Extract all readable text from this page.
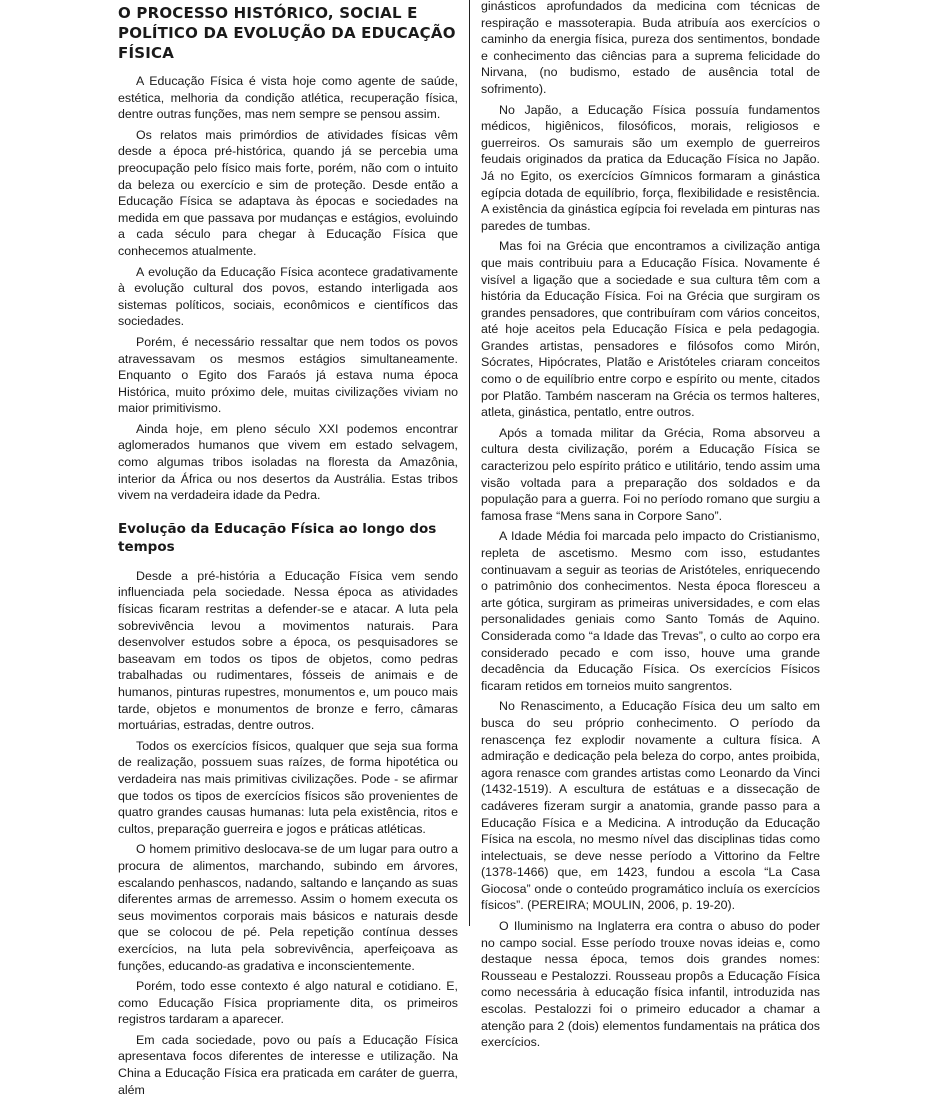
O PROCESSO HISTÓRICO, SOCIAL E POLÍTICO DA EVOLUÇÃO DA EDUCAÇÃO FÍSICA

A Educação Física é vista hoje como agente de saúde, estética, melhoria da condição atlética, recuperação física, dentre outras funções, mas nem sempre se pensou assim.

Os relatos mais primórdios de atividades físicas vêm desde a época pré-histórica, quando já se percebia uma preocupação pelo físico mais forte, porém, não com o intuito da beleza ou exercício e sim de proteção. Desde então a Educação Física se adaptava às épocas e sociedades na medida em que passava por mudanças e estágios, evoluindo a cada século para chegar à Educação Física que conhecemos atualmente.

A evolução da Educação Física acontece gradativamente à evolução cultural dos povos, estando interligada aos sistemas políticos, sociais, econômicos e científicos das sociedades.

Porém, é necessário ressaltar que nem todos os povos atravessavam os mesmos estágios simultaneamente. Enquanto o Egito dos Faraós já estava numa época Histórica, muito próximo dele, muitas civilizações viviam no maior primitivismo.

Ainda hoje, em pleno século XXI podemos encontrar aglomerados humanos que vivem em estado selvagem, como algumas tribos isoladas na floresta da Amazônia, interior da África ou nos desertos da Austrália. Estas tribos vivem na verdadeira idade da Pedra.

Evolução da Educação Física ao longo dos tempos

Desde a pré-história a Educação Física vem sendo influenciada pela sociedade. Nessa época as atividades físicas ficaram restritas a defender-se e atacar. A luta pela sobrevivência levou a movimentos naturais. Para desenvolver estudos sobre a época, os pesquisadores se baseavam em todos os tipos de objetos, como pedras trabalhadas ou rudimentares, fósseis de animais e de humanos, pinturas rupestres, monumentos e, um pouco mais tarde, objetos e monumentos de bronze e ferro, câmaras mortuárias, estradas, dentre outros.

Todos os exercícios físicos, qualquer que seja sua forma de realização, possuem suas raízes, de forma hipotética ou verdadeira nas mais primitivas civilizações. Pode - se afirmar que todos os tipos de exercícios físicos são provenientes de quatro grandes causas humanas: luta pela existência, ritos e cultos, preparação guerreira e jogos e práticas atléticas.

O homem primitivo deslocava-se de um lugar para outro a procura de alimentos, marchando, subindo em árvores, escalando penhascos, nadando, saltando e lançando as suas diferentes armas de arremesso. Assim o homem executa os seus movimentos corporais mais básicos e naturais desde que se colocou de pé. Pela repetição contínua desses exercícios, na luta pela sobrevivência, aperfeiçoava as funções, educando-as gradativa e inconscientemente.

Porém, todo esse contexto é algo natural e cotidiano. E, como Educação Física propriamente dita, os primeiros registros tardaram a aparecer.

Em cada sociedade, povo ou país a Educação Física apresentava focos diferentes de interesse e utilização. Na China a Educação Física era praticada em caráter de guerra, além

ginásticos aprofundados da medicina com técnicas de respiração e massoterapia. Buda atribuía aos exercícios o caminho da energia física, pureza dos sentimentos, bondade e conhecimento das ciências para a suprema felicidade do Nirvana, (no budismo, estado de ausência total de sofrimento).

No Japão, a Educação Física possuía fundamentos médicos, higiênicos, filosóficos, morais, religiosos e guerreiros. Os samurais são um exemplo de guerreiros feudais originados da pratica da Educação Física no Japão. Já no Egito, os exercícios Gímnicos formaram a ginástica egípcia dotada de equilíbrio, força, flexibilidade e resistência. A existência da ginástica egípcia foi revelada em pinturas nas paredes de tumbas.

Mas foi na Grécia que encontramos a civilização antiga que mais contribuiu para a Educação Física. Novamente é visível a ligação que a sociedade e sua cultura têm com a história da Educação Física. Foi na Grécia que surgiram os grandes pensadores, que contribuíram com vários conceitos, até hoje aceitos pela Educação Física e pela pedagogia. Grandes artistas, pensadores e filósofos como Mirón, Sócrates, Hipócrates, Platão e Aristóteles criaram conceitos como o de equilíbrio entre corpo e espírito ou mente, citados por Platão. Também nasceram na Grécia os termos halteres, atleta, ginástica, pentatlo, entre outros.

Após a tomada militar da Grécia, Roma absorveu a cultura desta civilização, porém a Educação Física se caracterizou pelo espírito prático e utilitário, tendo assim uma visão voltada para a preparação dos soldados e da população para a guerra. Foi no período romano que surgiu a famosa frase “Mens sana in Corpore Sano”.

A Idade Média foi marcada pelo impacto do Cristianismo, repleta de ascetismo. Mesmo com isso, estudantes continuavam a seguir as teorias de Aristóteles, enriquecendo o patrimônio dos conhecimentos. Nesta época floresceu a arte gótica, surgiram as primeiras universidades, e com elas personalidades geniais como Santo Tomás de Aquino. Considerada como “a Idade das Trevas”, o culto ao corpo era considerado pecado e com isso, houve uma grande decadência da Educação Física. Os exercícios Físicos ficaram retidos em torneios muito sangrentos.

No Renascimento, a Educação Física deu um salto em busca do seu próprio conhecimento. O período da renascença fez explodir novamente a cultura física. A admiração e dedicação pela beleza do corpo, antes proibida, agora renasce com grandes artistas como Leonardo da Vinci (1432-1519). A escultura de estátuas e a dissecação de cadáveres fizeram surgir a anatomia, grande passo para a Educação Física e a Medicina. A introdução da Educação Física na escola, no mesmo nível das disciplinas tidas como intelectuais, se deve nesse período a Vittorino da Feltre (1378-1466) que, em 1423, fundou a escola “La Casa Giocosa” onde o conteúdo programático incluía os exercícios físicos”. (PEREIRA; MOULIN, 2006, p. 19-20).

O Iluminismo na Inglaterra era contra o abuso do poder no campo social. Esse período trouxe novas ideias e, como destaque nessa época, temos dois grandes nomes: Rousseau e Pestalozzi. Rousseau propôs a Educação Física como necessária à educação física infantil, introduzida nas escolas. Pestalozzi foi o primeiro educador a chamar a atenção para 2 (dois) elementos fundamentais na prática dos exercícios.
